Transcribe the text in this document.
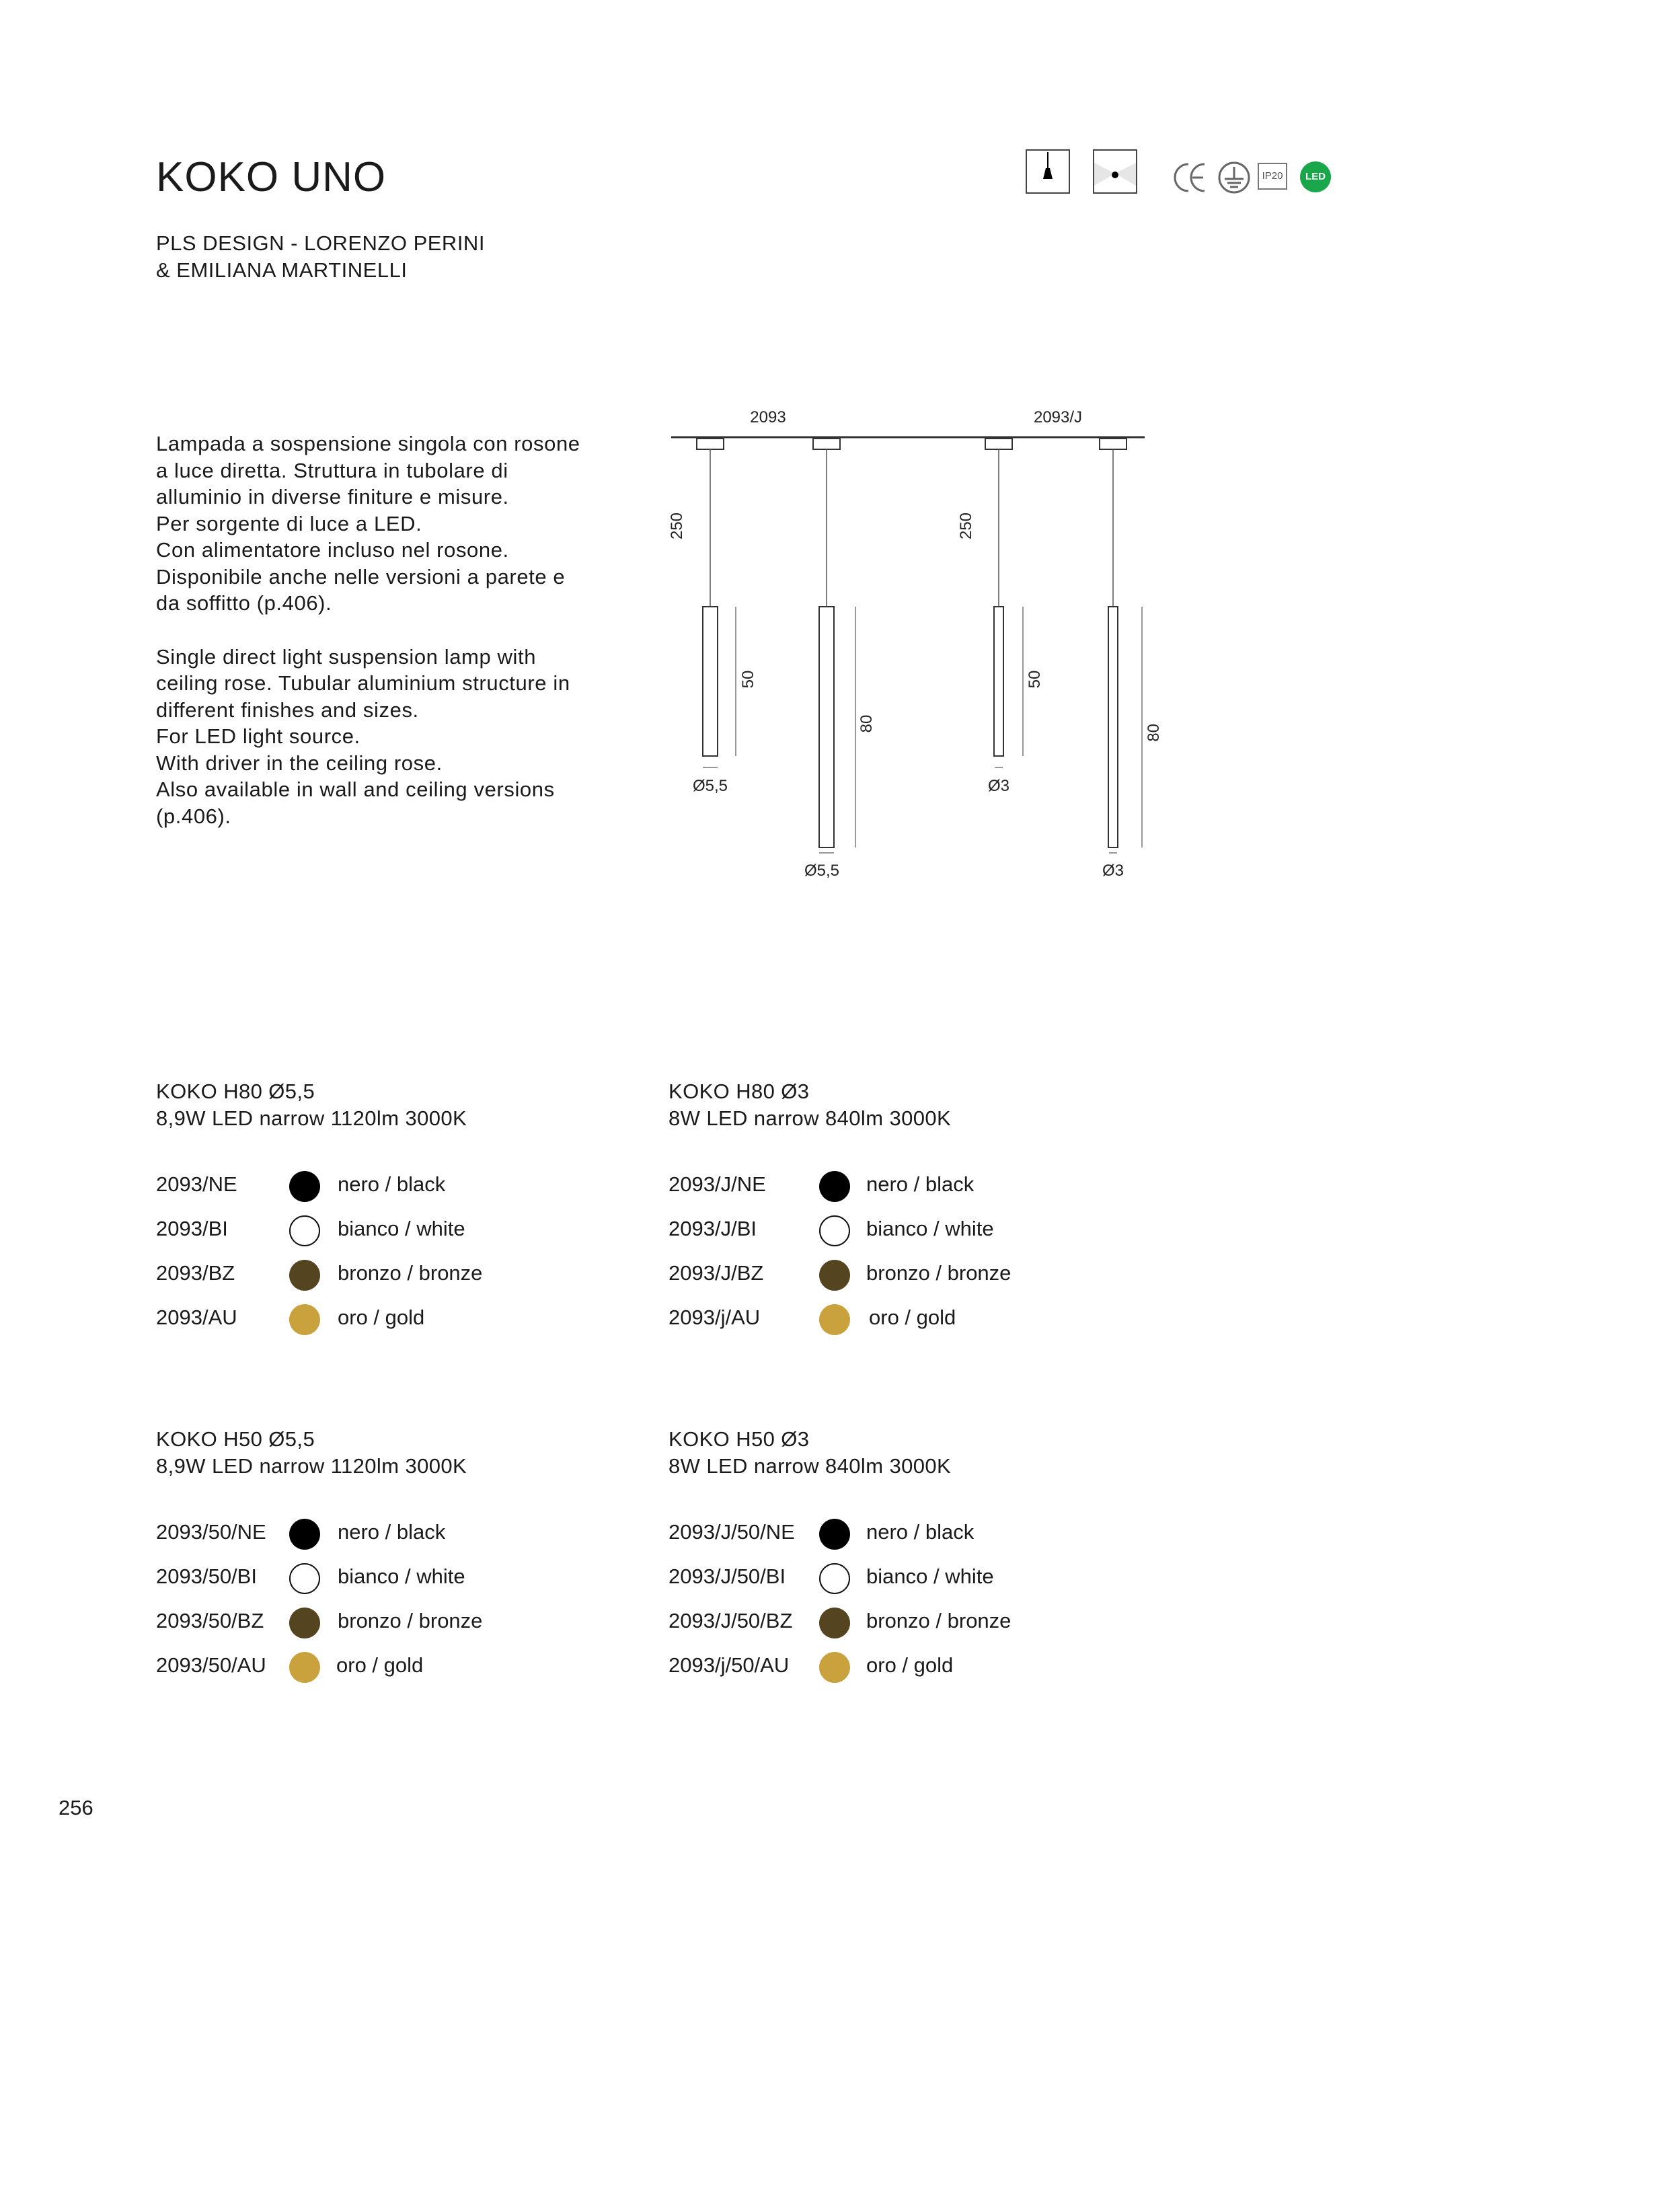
KOKO UNO
PLS DESIGN - LORENZO PERINI
& EMILIANA MARTINELLI
IP20	LED

Lampada a sospensione singola con rosone
a luce diretta. Struttura in tubolare di
alluminio in diverse finiture e misure.
Per sorgente di luce a LED.
Con alimentatore incluso nel rosone.
Disponibile anche nelle versioni a parete e
da soffitto (p.406).

Single direct light suspension lamp with
ceiling rose. Tubular aluminium structure in
different finishes and sizes.
For LED light source.
With driver in the ceiling rose.
Also available in wall and ceiling versions
(p.406).

2093	2093/J
250	250
50	50
80	80
Ø5,5	Ø3
Ø5,5	Ø3
KOKO H80 Ø5,5
8,9W LED narrow 1120lm 3000K
2093/NE	nero / black
2093/BI	bianco / white
2093/BZ	bronzo / bronze
2093/AU	oro / gold
KOKO H80 Ø3
8W LED narrow 840lm 3000K
2093/J/NE	nero / black
2093/J/BI	bianco / white
2093/J/BZ	bronzo / bronze
2093/j/AU	oro / gold
KOKO H50 Ø5,5
8,9W LED narrow 1120lm 3000K
2093/50/NE	nero / black
2093/50/BI	bianco / white
2093/50/BZ	bronzo / bronze
2093/50/AU	oro / gold
KOKO H50 Ø3
8W LED narrow 840lm 3000K
2093/J/50/NE	nero / black
2093/J/50/BI	bianco / white
2093/J/50/BZ	bronzo / bronze
2093/j/50/AU	oro / gold
256
